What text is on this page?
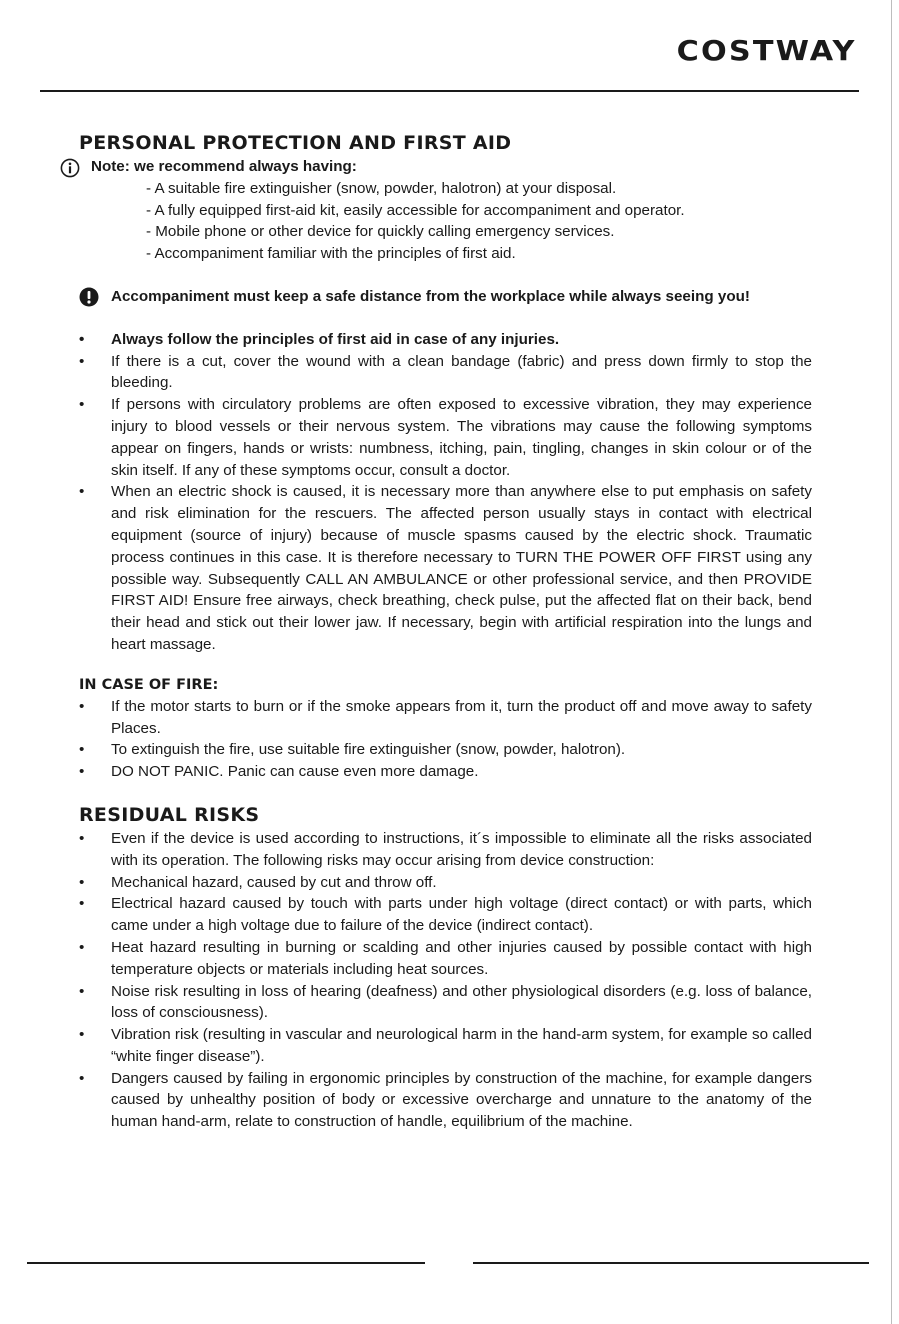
COSTWAY
PERSONAL PROTECTION AND FIRST AID
Note: we recommend always having:
- A suitable fire extinguisher (snow, powder, halotron) at your disposal.
- A fully equipped first-aid kit, easily accessible for accompaniment and operator.
- Mobile phone or other device for quickly calling emergency services.
- Accompaniment familiar with the principles of first aid.
Accompaniment must keep a safe distance from the workplace while always seeing you!
• Always follow the principles of first aid in case of any injuries.
• If there is a cut, cover the wound with a clean bandage (fabric) and press down firmly to stop the bleeding.
• If persons with circulatory problems are often exposed to excessive vibration, they may experience injury to blood vessels or their nervous system. The vibrations may cause the following symptoms appear on fingers, hands or wrists: numbness, itching, pain, tingling, changes in skin colour or of the skin itself. If any of these symptoms occur, consult a doctor.
• When an electric shock is caused, it is necessary more than anywhere else to put emphasis on safety and risk elimination for the rescuers. The affected person usually stays in contact with electrical equipment (source of injury) because of muscle spasms caused by the electric shock. Traumatic process continues in this case. It is therefore necessary to TURN THE POWER OFF FIRST using any possible way. Subsequently CALL AN AMBULANCE or other professional service, and then PROVIDE FIRST AID! Ensure free airways, check breathing, check pulse, put the affected flat on their back, bend their head and stick out their lower jaw. If necessary, begin with artificial respiration into the lungs and heart massage.
IN CASE OF FIRE:
• If the motor starts to burn or if the smoke appears from it, turn the product off and move away to safety Places.
• To extinguish the fire, use suitable fire extinguisher (snow, powder, halotron).
• DO NOT PANIC. Panic can cause even more damage.
RESIDUAL RISKS
• Even if the device is used according to instructions, it´s impossible to eliminate all the risks associated with its operation. The following risks may occur arising from device construction:
• Mechanical hazard, caused by cut and throw off.
• Electrical hazard caused by touch with parts under high voltage (direct contact) or with parts, which came under a high voltage due to failure of the device (indirect contact).
• Heat hazard resulting in burning or scalding and other injuries caused by possible contact with high temperature objects or materials including heat sources.
• Noise risk resulting in loss of hearing (deafness) and other physiological disorders (e.g. loss of balance, loss of consciousness).
• Vibration risk (resulting in vascular and neurological harm in the hand-arm system, for example so called “white finger disease”).
• Dangers caused by failing in ergonomic principles by construction of the machine, for example dangers caused by unhealthy position of body or excessive overcharge and unnature to the anatomy of the human hand-arm, relate to construction of handle, equilibrium of the machine.
